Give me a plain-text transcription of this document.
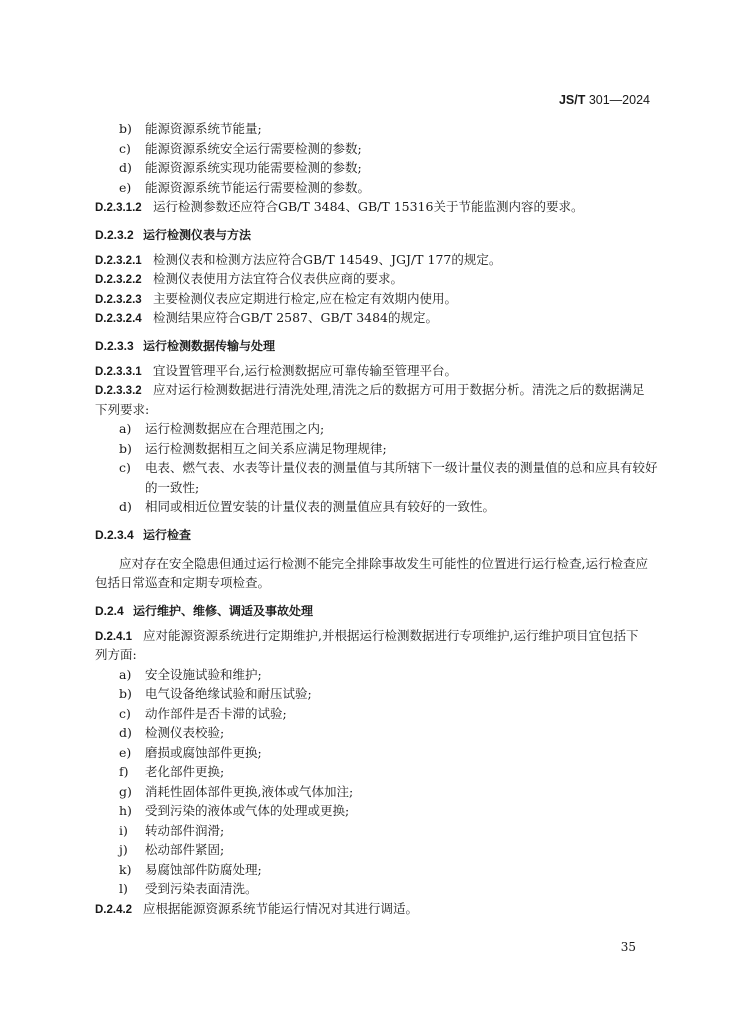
JS/T 301—2024
b)	能源资源系统节能量;
c)	能源资源系统安全运行需要检测的参数;
d)	能源资源系统实现功能需要检测的参数;
e)	能源资源系统节能运行需要检测的参数。
D.2.3.1.2 运行检测参数还应符合GB/T 3484、GB/T 15316关于节能监测内容的要求。
D.2.3.2 运行检测仪表与方法
D.2.3.2.1 检测仪表和检测方法应符合GB/T 14549、JGJ/T 177的规定。
D.2.3.2.2 检测仪表使用方法宜符合仪表供应商的要求。
D.2.3.2.3 主要检测仪表应定期进行检定,应在检定有效期内使用。
D.2.3.2.4 检测结果应符合GB/T 2587、GB/T 3484的规定。
D.2.3.3 运行检测数据传输与处理
D.2.3.3.1 宜设置管理平台,运行检测数据应可靠传输至管理平台。
D.2.3.3.2 应对运行检测数据进行清洗处理,清洗之后的数据方可用于数据分析。清洗之后的数据满足
下列要求:
a)	运行检测数据应在合理范围之内;
b)	运行检测数据相互之间关系应满足物理规律;
c)	电表、燃气表、水表等计量仪表的测量值与其所辖下一级计量仪表的测量值的总和应具有较好
的一致性;
d)	相同或相近位置安装的计量仪表的测量值应具有较好的一致性。
D.2.3.4 运行检查
应对存在安全隐患但通过运行检测不能完全排除事故发生可能性的位置进行运行检查,运行检查应
包括日常巡查和定期专项检查。
D.2.4 运行维护、维修、调适及事故处理
D.2.4.1 应对能源资源系统进行定期维护,并根据运行检测数据进行专项维护,运行维护项目宜包括下
列方面:
a)	安全设施试验和维护;
b)	电气设备绝缘试验和耐压试验;
c)	动作部件是否卡滞的试验;
d)	检测仪表校验;
e)	磨损或腐蚀部件更换;
f)	老化部件更换;
g)	消耗性固体部件更换,液体或气体加注;
h)	受到污染的液体或气体的处理或更换;
i)	转动部件润滑;
j)	松动部件紧固;
k)	易腐蚀部件防腐处理;
l)	受到污染表面清洗。
D.2.4.2 应根据能源资源系统节能运行情况对其进行调适。
35
